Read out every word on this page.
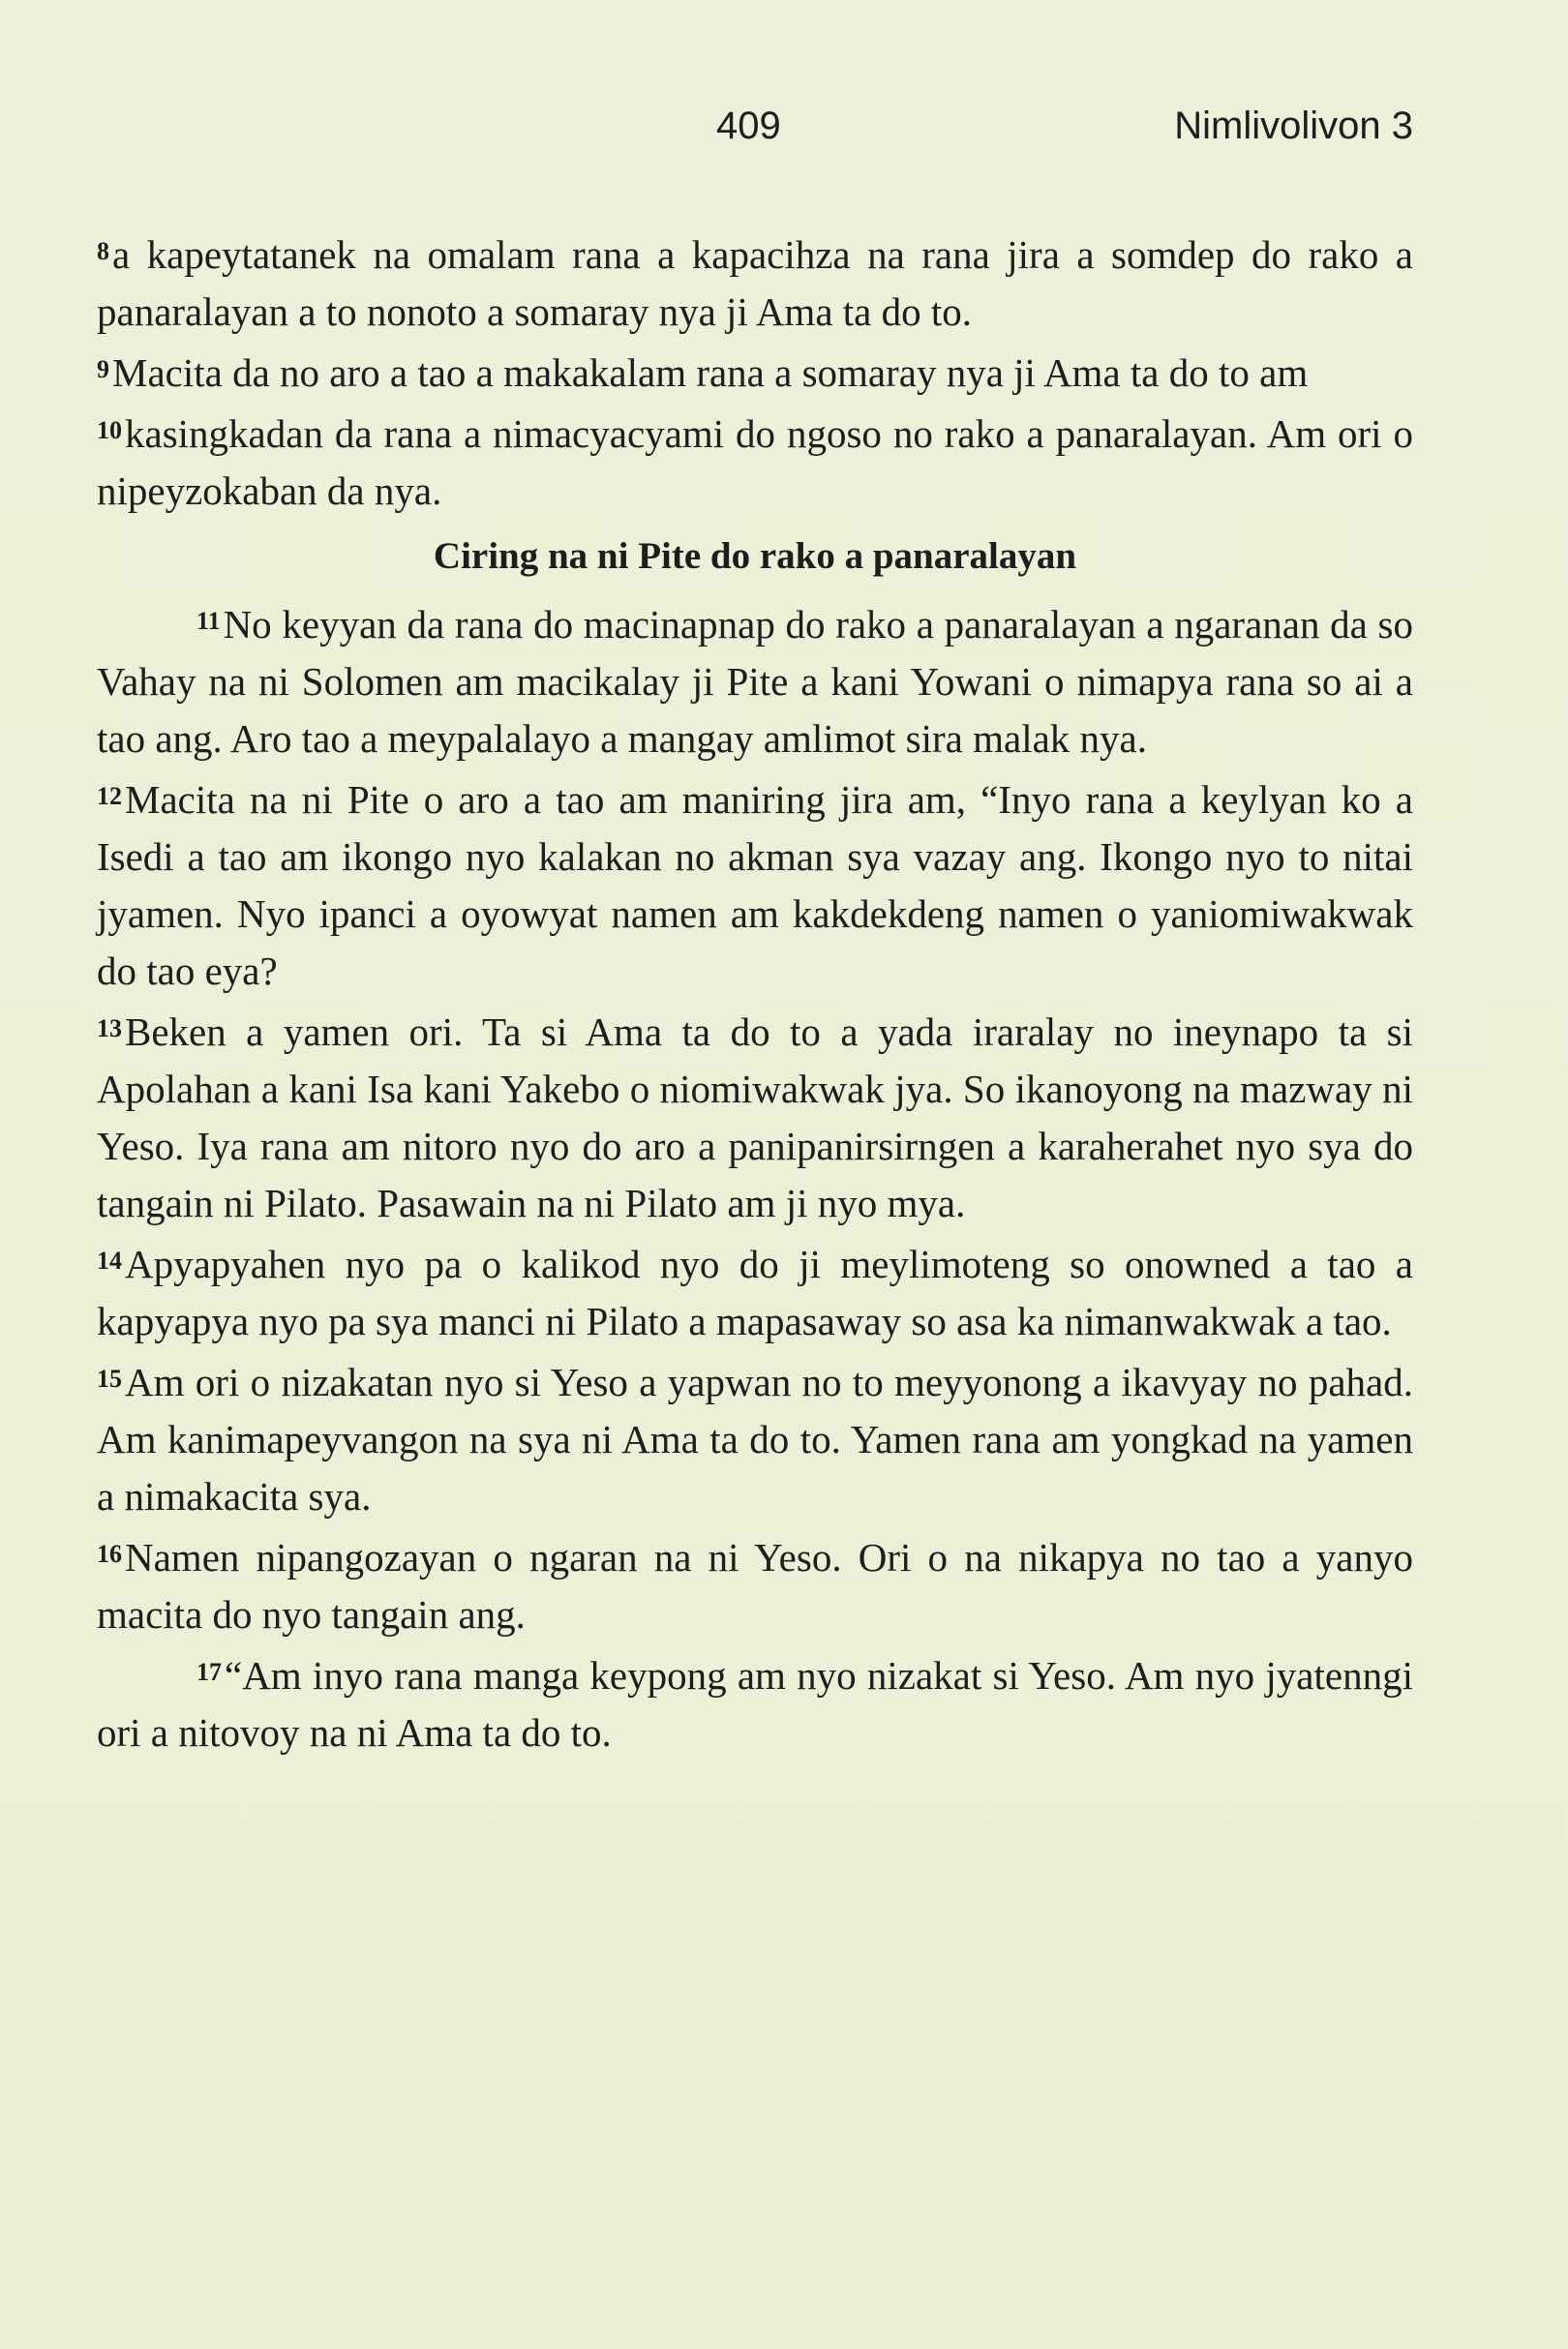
409	Nimlivolivon 3

$^8$a kapeytatanek na omalam rana a kapacihza na rana jira a somdep do rako a panaralayan a to nonoto a somaray nya ji Ama ta do to.

$^9$Macita da no aro a tao a makakalam rana a somaray nya ji Ama ta do to am

$^{10}$kasingkadan da rana a nimacyacyami do ngoso no rako a panaralayan. Am ori o nipeyzokaban da nya.

Ciring na ni Pite do rako a panaralayan

$^{11}$No keyyan da rana do macinapnap do rako a panaralayan a ngaranan da so Vahay na ni Solomen am macikalay ji Pite a kani Yowani o nimapya rana so ai a tao ang. Aro tao a meypalalayo a mangay amlimot sira malak nya.

$^{12}$Macita na ni Pite o aro a tao am maniring jira am, “Inyo rana a keylyan ko a Isedi a tao am ikongo nyo kalakan no akman sya vazay ang. Ikongo nyo to nitai jyamen. Nyo ipanci a oyowyat namen am kakdekdeng namen o yaniomiwakwak do tao eya?

$^{13}$Beken a yamen ori. Ta si Ama ta do to a yada iraralay no ineynapo ta si Apolahan a kani Isa kani Yakebo o niomiwakwak jya. So ikanoyong na mazway ni Yeso. Iya rana am nitoro nyo do aro a panipanirsirngen a karaherahet nyo sya do tangain ni Pilato. Pasawain na ni Pilato am ji nyo mya.

$^{14}$Apyapyahen nyo pa o kalikod nyo do ji meylimoteng so onowned a tao a kapyapya nyo pa sya manci ni Pilato a mapasaway so asa ka nimanwakwak a tao.

$^{15}$Am ori o nizakatan nyo si Yeso a yapwan no to meyyonong a ikavyay no pahad. Am kanimapeyvangon na sya ni Ama ta do to. Yamen rana am yongkad na yamen a nimakacita sya.

$^{16}$Namen nipangozayan o ngaran na ni Yeso. Ori o na nikapya no tao a yanyo macita do nyo tangain ang.

$^{17}$“Am inyo rana manga keypong am nyo nizakat si Yeso. Am nyo jyatenngi ori a nitovoy na ni Ama ta do to.
